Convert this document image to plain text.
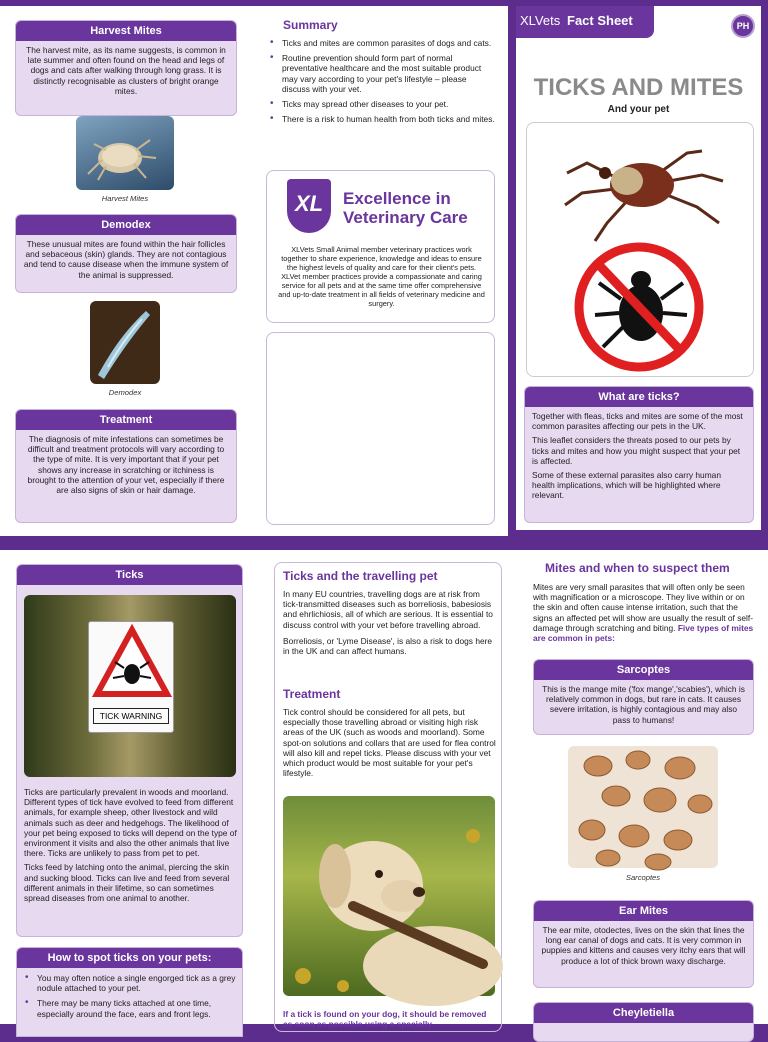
Harvest Mites

The harvest mite, as its name suggests, is common in late summer and often found on the head and legs of dogs and cats after walking through long grass. It is distinctly recognisable as clusters of bright orange mites.

Harvest Mites
Demodex

These unusual mites are found within the hair follicles and sebaceous (skin) glands. They are not contagious and tend to cause disease when the immune system of the animal is suppressed.

Demodex
Treatment

The diagnosis of mite infestations can sometimes be difficult and treatment protocols will vary according to the type of mite. It is very important that if your pet shows any increase in scratching or itchiness is brought to the attention of your vet, especially if there are also signs of skin or hair damage.

Summary
• Ticks and mites are common parasites of dogs and cats.
• Routine prevention should form part of normal preventative healthcare and the most suitable product may vary according to your pet's lifestyle – please discuss with your vet.
• Ticks may spread other diseases to your pet.
• There is a risk to human health from both ticks and mites.
XL	Excellence in
Veterinary Care
XLVets Small Animal member veterinary practices work together to share experience, knowledge and ideas to ensure the highest levels of quality and care for their client's pets. XLVet member practices provide a compassionate and caring service for all pets and at the same time offer comprehensive and up-to-date treatment in all fields of veterinary medicine and surgery.
XLVets Fact Sheet	PH
TICKS AND MITES
And your pet
What are ticks?

Together with fleas, ticks and mites are some of the most common parasites affecting our pets in the UK.

This leaflet considers the threats posed to our pets by ticks and mites and how you might suspect that your pet is affected.

Some of these external parasites also carry human health implications, which will be highlighted where relevant.

Ticks
TICK WARNING

Ticks are particularly prevalent in woods and moorland. Different types of tick have evolved to feed from different animals, for example sheep, other livestock and wild animals such as deer and hedgehogs. The likelihood of your pet being exposed to ticks will depend on the type of environment it visits and also the other animals that live there. Ticks are unlikely to pass from pet to pet.

Ticks feed by latching onto the animal, piercing the skin and sucking blood. Ticks can live and feed from several different animals in their lifetime, so can sometimes spread diseases from one animal to another.

How to spot ticks on your pets:
• You may often notice a single engorged tick as a grey nodule attached to your pet.
• There may be many ticks attached at one time, especially around the face, ears and front legs.
Ticks and the travelling pet

In many EU countries, travelling dogs are at risk from tick-transmitted diseases such as borreliosis, babesiosis and ehrlichiosis, all of which are serious. It is essential to discuss control with your vet before travelling abroad.

Borreliosis, or 'Lyme Disease', is also a risk to dogs here in the UK and can affect humans.

Treatment
Tick control should be considered for all pets, but especially those travelling abroad or visiting high risk areas of the UK (such as woods and moorland). Some spot-on solutions and collars that are used for flea control will also kill and repel ticks. Please discuss with your vet which product would be most suitable for your pet's lifestyle.
If a tick is found on your dog, it should be removed as soon as possible using a specially
Mites and when to suspect them
Mites are very small parasites that will often only be seen with magnification or a microscope. They live within or on the skin and often cause intense irritation, such that the signs an affected pet will show are usually the result of self-damage through scratching and biting. Five types of mites are common in pets:
Sarcoptes

This is the mange mite ('fox mange','scabies'), which is relatively common in dogs, but rare in cats. It causes severe irritation, is highly contagious and may also pass to humans!

Sarcoptes
Ear Mites

The ear mite, otodectes, lives on the skin that lines the long ear canal of dogs and cats. It is very common in puppies and kittens and causes very itchy ears that will produce a lot of thick brown waxy discharge.

Cheyletiella
